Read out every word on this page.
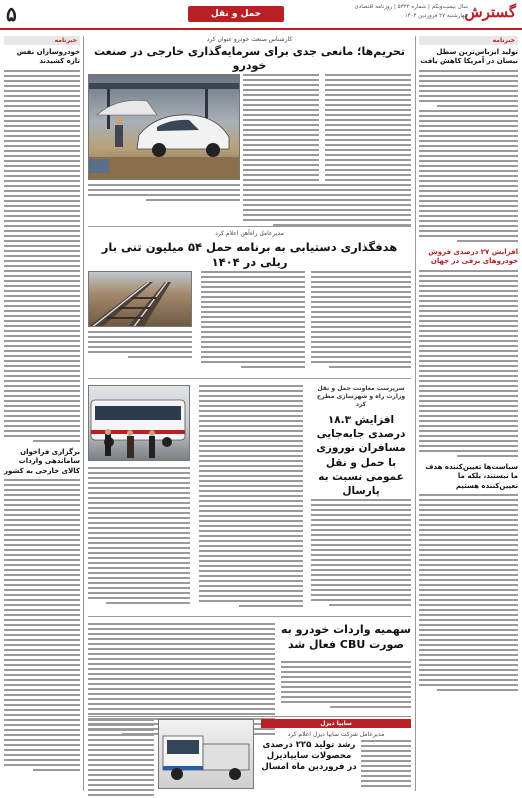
گسترش
سال بیست‌ویکم | شماره ۵۳۲۲ | روزنامه اقتصادی
چهارشنبه ۲۷ فروردین ۱۴۰۴
حمل و نقل
۵
خبرنامه
تولید ایرباس‌ترین سطل نیسان در آمریکا کاهش یافت
افزایش ۲۷ درصدی فروش خودروهای برقی در جهان
سیاست‌ها تعیین‌کننده هدف ما نیستند، بلکه ما تعیین‌کننده هستیم
خبرنامه
خودروسازان نفس تازه کشیدند
برگزاری فراخوان ساماندهی واردات کالای خارجی به کشور
کارشناس صنعت خودرو عنوان کرد
تحریم‌ها؛ مانعی جدی برای سرمایه‌گذاری خارجی در صنعت خودرو
مدیرعامل راه‌آهن اعلام کرد
هدفگذاری دستیابی به برنامه حمل ۵۴ میلیون تنی بار ریلی در ۱۴۰۴
سرپرست معاونت حمل و نقل وزارت راه و شهرسازی مطرح کرد
افزایش ۱۸.۳ درصدی جابه‌جایی مسافران نوروزی با حمل و نقل عمومی نسبت به پارسال
سهمیه واردات خودرو به صورت CBU فعال شد
سایپا دیزل
مدیرعامل شرکت سایپا دیزل اعلام کرد
رشد تولید ۲۲۵ درصدی محصولات سایپادیزل در فروردین ماه امسال
